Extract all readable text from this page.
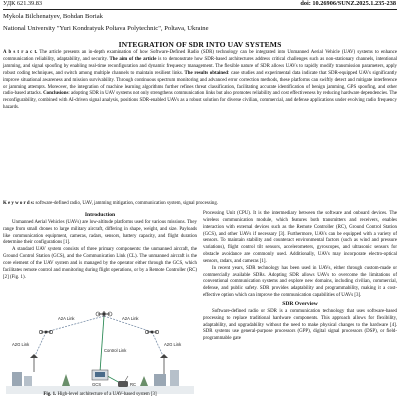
УДК 621.39.83	doi: 10.26906/SUNZ.2025.1.235-238
Mykola Bilchenatyev, Bohdan Boriak
National University "Yuri Kondratyuk Poltava Polytechnic", Poltava, Ukraine
INTEGRATION OF SDR INTO UAV SYSTEMS
A b s t r a c t. The article presents an in-depth examination of how Software-Defined Radio (SDR) technology can be integrated into Unmanned Aerial Vehicle (UAV) systems to enhance communication reliability, adaptability, and security. The aim of the article is to demonstrate how SDR-based architectures address critical challenges such as non-stationary channels, intentional jamming, and signal spoofing by enabling real-time reconfiguration and dynamic frequency management. The flexible nature of SDR allows UAVs to rapidly modify transmission parameters, apply robust coding techniques, and switch among multiple channels to maintain resilient links. The results obtained: case studies and experimental data indicate that SDR-equipped UAVs significantly improve situational awareness and mission survivability. Through continuous spectrum monitoring and advanced error correction methods, these platforms can swiftly detect and mitigate interference or jamming attempts. Moreover, the integration of machine learning algorithms further refines threat classification, facilitating accurate identification of benign jamming, GPS spoofing, and other radio-based attacks. Conclusions: adopting SDR in UAV systems not only strengthens communication links but also promotes reliability and cost effectiveness by reducing hardware dependencies. The reconfigurability, combined with AI-driven signal analysis, positions SDR-enabled UAVs as a robust solution for diverse civilian, commercial, and defense applications under evolving radio frequency hazards.
K e y w o r d s: software-defined radio, UAV, jamming mitigation, communication system, signal processing.
Introduction

Unmanned Aerial Vehicles (UAVs) are low-altitude platforms used for various missions. They range from small drones to large military aircraft, differing in shape, weight, and size. Payloads like communication equipment, cameras, radars, sensors, battery capacity, and flight duration determine their configurations [1].

A standard UAV system consists of three primary components: the unmanned aircraft, the Ground Control Station (GCS), and the Communication Link (CL). The unmanned aircraft is the core element of the UAV system and is managed by the operator either through the GCS, which facilitates remote control and monitoring during flight operations, or by a Remote Controller (RC) [2] (Fig. 1).

Processing Unit (CPU). It is the intermediary between the software and onboard devices. The wireless communication module, which features both transmitters and receivers, enables interaction with external devices such as the Remote Controller (RC), Ground Control Station (GCS), and other UAVs if necessary [3]. Furthermore, UAVs can be equipped with a variety of sensors. To maintain stability and counteract environmental factors (such as wind and pressure variations), flight control tilt sensors, accelerometers, gyroscopes, and ultrasonic sensors for obstacle avoidance are commonly used. Additionally, UAVs may incorporate electro-optical sensors, radars, and cameras [1].

In recent years, SDR technology has been used in UAVs, either through custom-made or commercially available SDRs. Adopting SDR allows UAVs to overcome the limitations of conventional communication systems and explore new domains, including civilian, commercial, defense, and public safety. SDR provides adaptability and programmability, making it a cost-effective option which can improve the communication capabilities of UAVs [3].

SDR Overview

Software-defined radio or SDR is a communication technology that uses software-based processing to replace traditional hardware components. This approach allows for flexibility, adaptability, and upgradability without the need to make physical changes to the hardware [4]. SDR systems use general-purpose processors (GPP), digital signal processors (DSP), or field-programmable gate

A2A Link
A2A Link
A2G Link	A2G Link
Control Link
GCS	RC
Fig. 1. High-level architecture of a UAV-based system [3]
